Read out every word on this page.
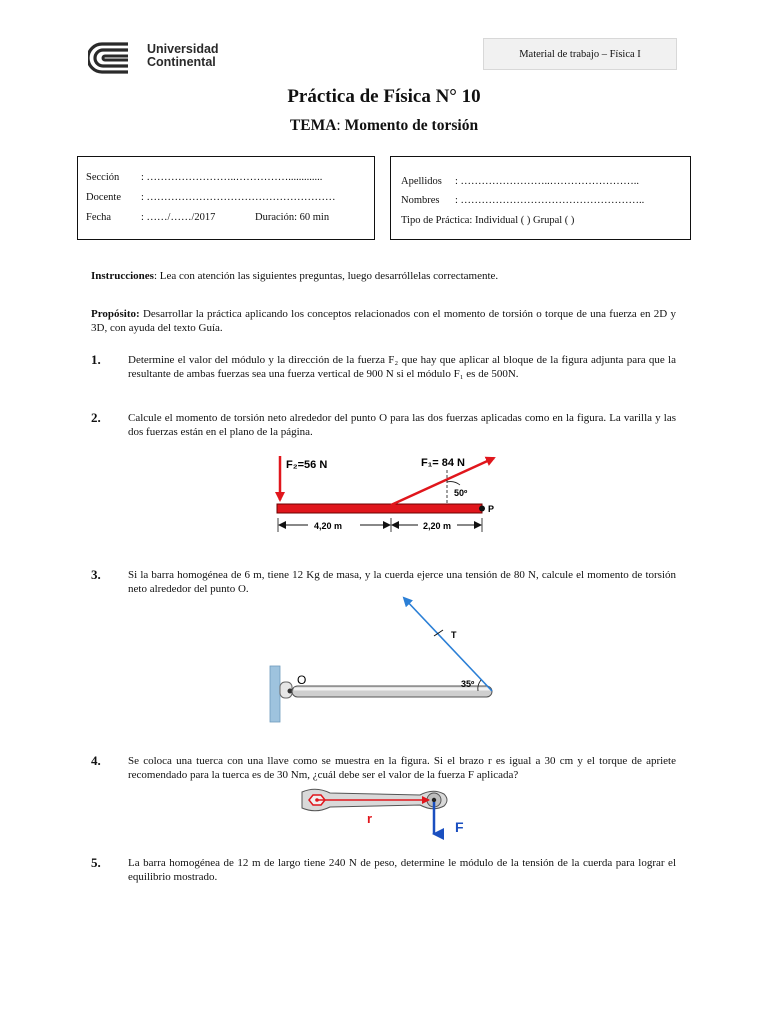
Universidad
Continental
Material de trabajo – Física I
Práctica de Física N° 10
TEMA: Momento de torsión
Sección : ……………………..…………….............
Docente : ………………………………………………
Fecha	: ……/……/2017	Duración: 60 min
Apellidos : ……………………..……………………..
Nombres : ……………………………………………..
Tipo de Práctica: Individual ( ) Grupal ( )
Instrucciones: Lea con atención las siguientes preguntas, luego desarróllelas correctamente.
Propósito: Desarrollar la práctica aplicando los conceptos relacionados con el momento de torsión o torque de una fuerza en 2D y 3D, con ayuda del texto Guía.
1. Determine el valor del módulo y la dirección de la fuerza F₂ que hay que aplicar al bloque de la figura adjunta para que la resultante de ambas fuerzas sea una fuerza vertical de 900 N si el módulo F₁ es de 500N.
2. Calcule el momento de torsión neto alrededor del punto O para las dos fuerzas aplicadas como en la figura. La varilla y las dos fuerzas están en el plano de la página.
P
F₂=56 N	F₁= 84 N
50º
4,20 m	2,20 m
3. Si la barra homogénea de 6 m, tiene 12 Kg de masa, y la cuerda ejerce una tensión de 80 N, calcule el momento de torsión neto alrededor del punto O.
O
T
35º
4. Se coloca una tuerca con una llave como se muestra en la figura. Si el brazo r es igual a 30 cm y el torque de apriete recomendado para la tuerca es de 30 Nm, ¿cuál debe ser el valor de la fuerza F aplicada?
r
F
5. La barra homogénea de 12 m de largo tiene 240 N de peso, determine le módulo de la tensión de la cuerda para lograr el equilibrio mostrado.
